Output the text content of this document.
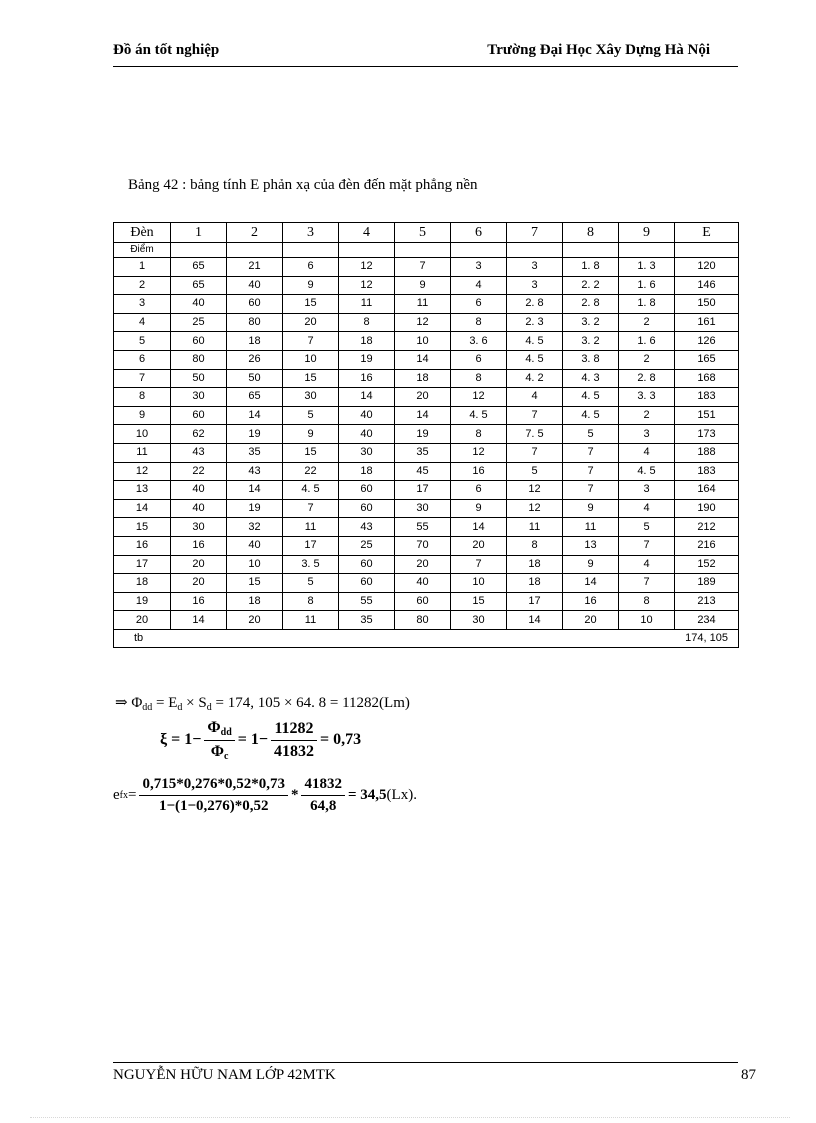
Đồ án tốt nghiệp	Trường Đại Học Xây Dựng Hà Nội
Bảng 42 : bảng tính E phản xạ của đèn đến mặt phẳng nền
Đèn	1	2	3	4	5	6	7	8	9	E
Điểm										
1	65	21	6	12	7	3	3	1. 8	1. 3	120
2	65	40	9	12	9	4	3	2. 2	1. 6	146
3	40	60	15	11	11	6	2. 8	2. 8	1. 8	150
4	25	80	20	8	12	8	2. 3	3. 2	2	161
5	60	18	7	18	10	3. 6	4. 5	3. 2	1. 6	126
6	80	26	10	19	14	6	4. 5	3. 8	2	165
7	50	50	15	16	18	8	4. 2	4. 3	2. 8	168
8	30	65	30	14	20	12	4	4. 5	3. 3	183
9	60	14	5	40	14	4. 5	7	4. 5	2	151
10	62	19	9	40	19	8	7. 5	5	3	173
11	43	35	15	30	35	12	7	7	4	188
12	22	43	22	18	45	16	5	7	4. 5	183
13	40	14	4. 5	60	17	6	12	7	3	164
14	40	19	7	60	30	9	12	9	4	190
15	30	32	11	43	55	14	11	11	5	212
16	16	40	17	25	70	20	8	13	7	216
17	20	10	3. 5	60	20	7	18	9	4	152
18	20	15	5	60	40	10	18	14	7	189
19	16	18	8	55	60	15	17	16	8	213
20	14	20	11	35	80	30	14	20	10	234
tb										174, 105
⇒ $\Phi_{dd} = E_d \times S_d = 174$, 105 × 64. 8 = 11282(Lm)
$\xi = 1- \frac{\Phi_{dd}}{\Phi_c} = 1- \frac{11282}{41832} = 0,73$
e fx = $\frac{0,715*0,276*0,52*0,73}{1-(1-0,276)*0,52} * \frac{41832}{64,8} = 34,5$ (Lx).
NGUYỄN HỮU NAM LỚP 42MTK	87
